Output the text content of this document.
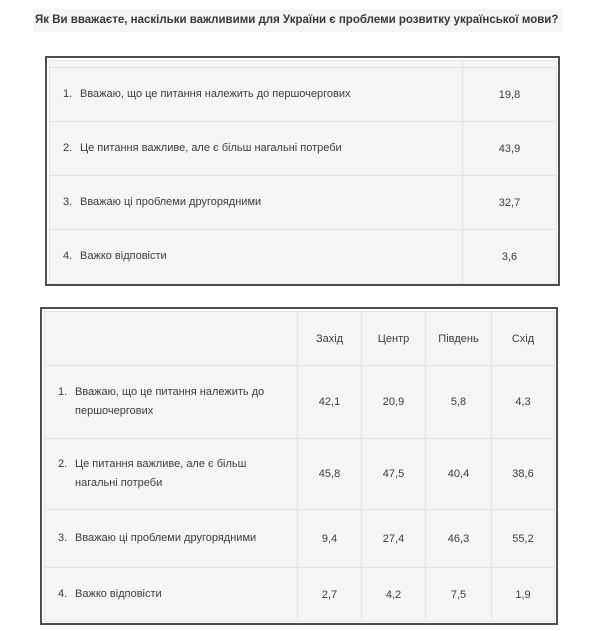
Як Ви вважаєте, наскільки важливими для України є проблеми розвитку української мови?

1. Вважаю, що це питання належить до першочергових	19,8

2. Це питання важливе, але є більш нагальні потреби	43,9

3. Вважаю ці проблеми другорядними	32,7

4. Важко відповісти	3,6
	Захід	Центр	Південь	Схід

1. Вважаю, що це питання належить до першочергових	42,1	20,9	5,8	4,3

2. Це питання важливе, але є більш нагальні потреби	45,8	47,5	40,4	38,6

3. Вважаю ці проблеми другорядними	9,4	27,4	46,3	55,2

4. Важко відповісти	2,7	4,2	7,5	1,9
